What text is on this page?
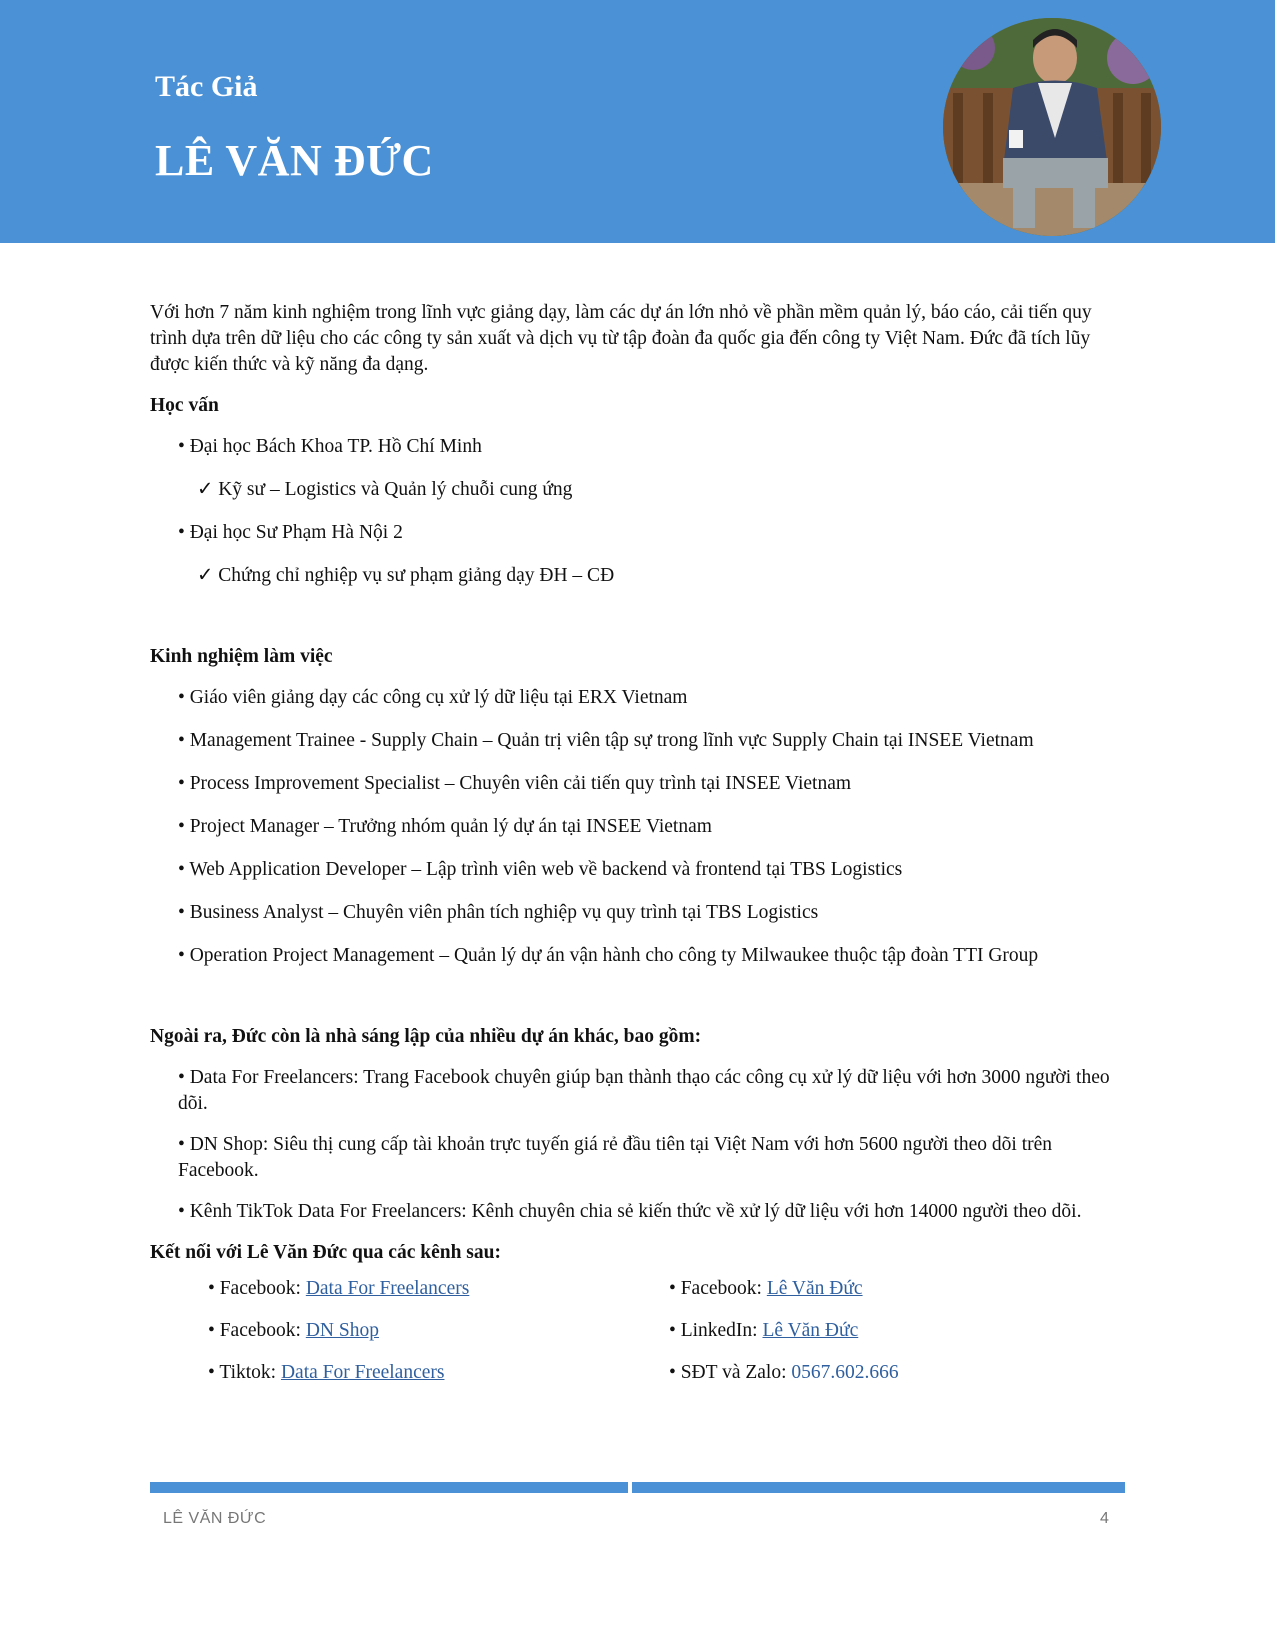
Tác Giả
LÊ VĂN ĐỨC
Với hơn 7 năm kinh nghiệm trong lĩnh vực giảng dạy, làm các dự án lớn nhỏ về phần mềm quản lý, báo cáo, cải tiến quy trình dựa trên dữ liệu cho các công ty sản xuất và dịch vụ từ tập đoàn đa quốc gia đến công ty Việt Nam. Đức đã tích lũy được kiến thức và kỹ năng đa dạng.
Học vấn
• Đại học Bách Khoa TP. Hồ Chí Minh
✓ Kỹ sư – Logistics và Quản lý chuỗi cung ứng
• Đại học Sư Phạm Hà Nội 2
✓ Chứng chỉ nghiệp vụ sư phạm giảng dạy ĐH – CĐ
Kinh nghiệm làm việc
• Giáo viên giảng dạy các công cụ xử lý dữ liệu tại ERX Vietnam
• Management Trainee - Supply Chain – Quản trị viên tập sự trong lĩnh vực Supply Chain tại INSEE Vietnam
• Process Improvement Specialist – Chuyên viên cải tiến quy trình tại INSEE Vietnam
• Project Manager – Trưởng nhóm quản lý dự án tại INSEE Vietnam
• Web Application Developer – Lập trình viên web về backend và frontend tại TBS Logistics
• Business Analyst – Chuyên viên phân tích nghiệp vụ quy trình tại TBS Logistics
• Operation Project Management – Quản lý dự án vận hành cho công ty Milwaukee thuộc tập đoàn TTI Group
Ngoài ra, Đức còn là nhà sáng lập của nhiều dự án khác, bao gồm:
• Data For Freelancers: Trang Facebook chuyên giúp bạn thành thạo các công cụ xử lý dữ liệu với hơn 3000 người theo dõi.
• DN Shop: Siêu thị cung cấp tài khoản trực tuyến giá rẻ đầu tiên tại Việt Nam với hơn 5600 người theo dõi trên Facebook.
• Kênh TikTok Data For Freelancers: Kênh chuyên chia sẻ kiến thức về xử lý dữ liệu với hơn 14000 người theo dõi.
Kết nối với Lê Văn Đức qua các kênh sau:
• Facebook: Data For Freelancers
• Facebook: DN Shop
• Tiktok: Data For Freelancers
• Facebook: Lê Văn Đức
• LinkedIn: Lê Văn Đức
• SĐT và Zalo: 0567.602.666
LÊ VĂN ĐỨC	4
